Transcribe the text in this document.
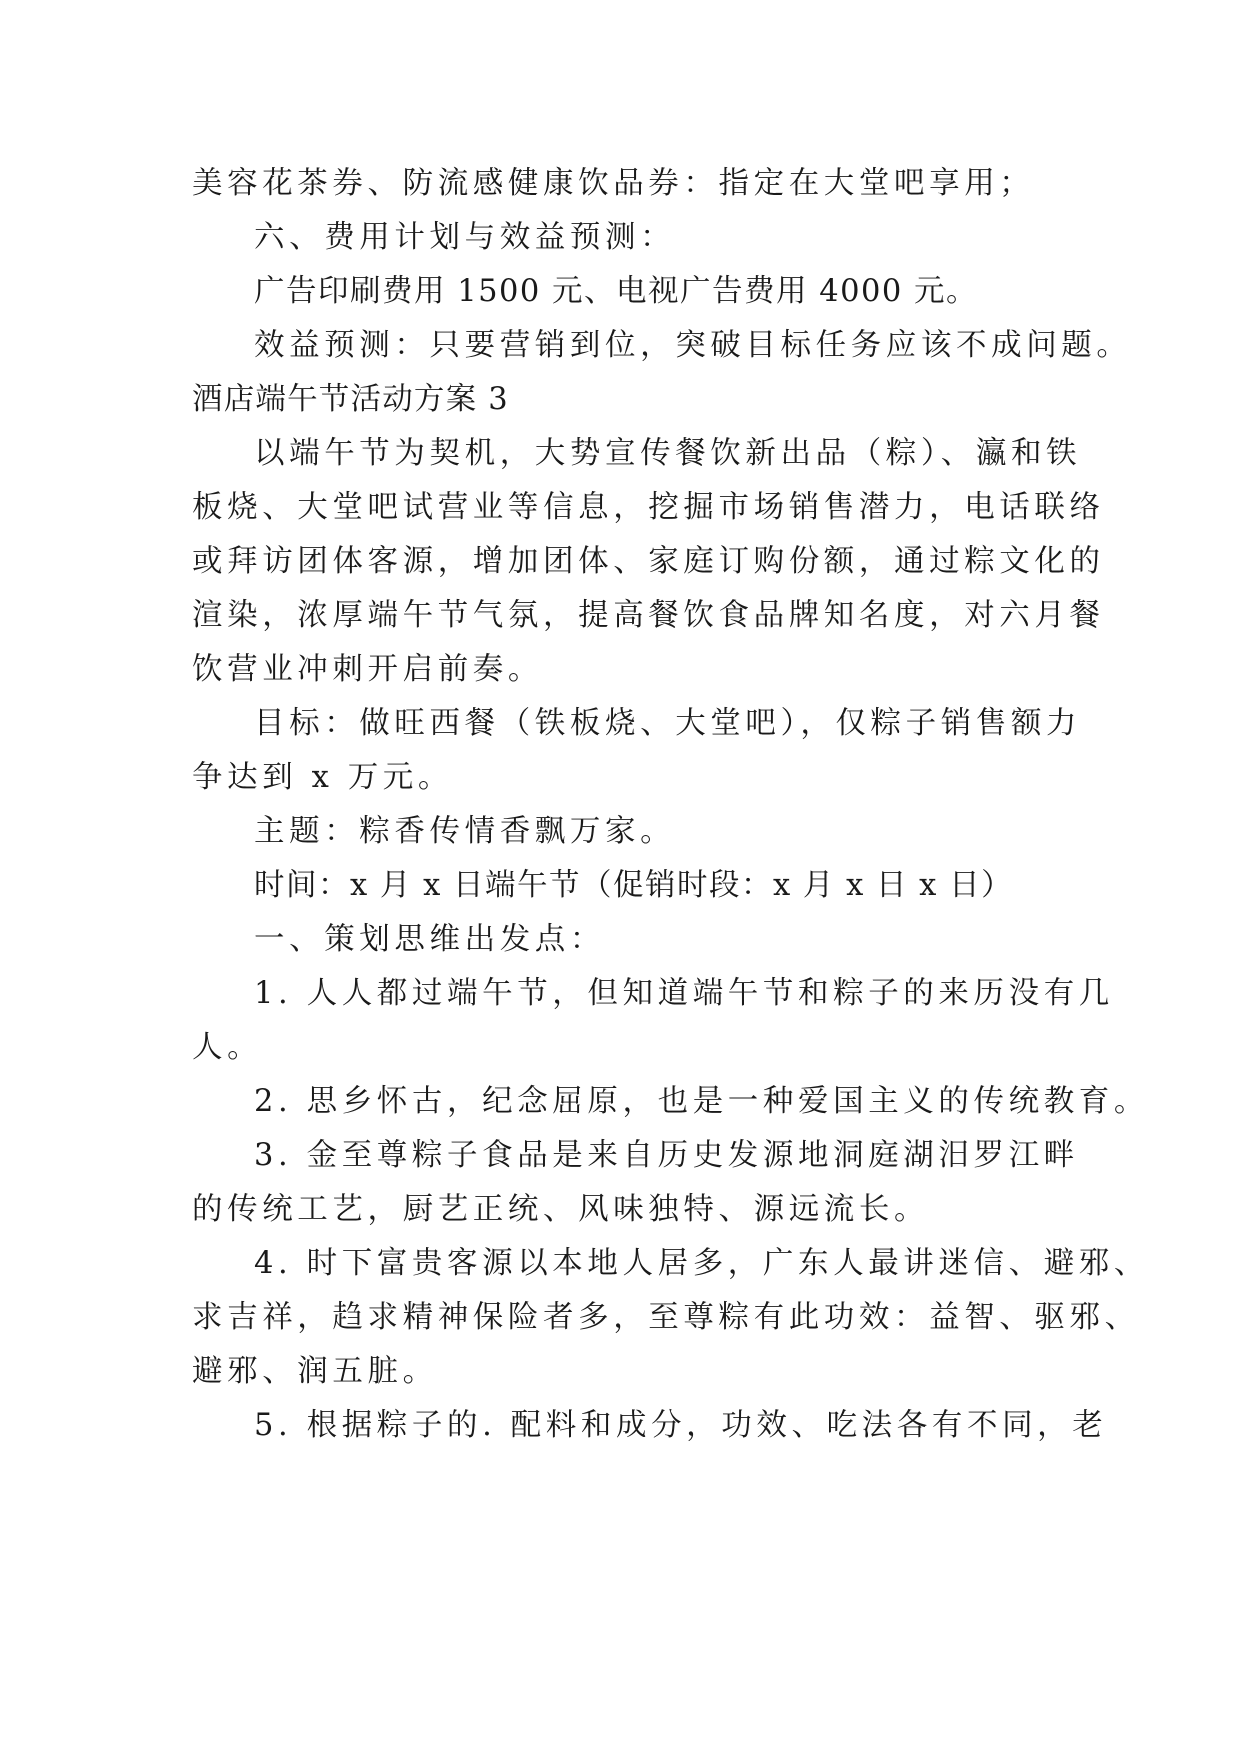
美容花茶券、防流感健康饮品券：指定在大堂吧享用；
六、费用计划与效益预测：
广告印刷费用 1500 元、电视广告费用 4000 元。
效益预测：只要营销到位，突破目标任务应该不成问题。
酒店端午节活动方案 3
以端午节为契机，大势宣传餐饮新出品（粽）、瀛和铁
板烧、大堂吧试营业等信息，挖掘市场销售潜力，电话联络
或拜访团体客源，增加团体、家庭订购份额，通过粽文化的
渲染，浓厚端午节气氛，提高餐饮食品牌知名度，对六月餐
饮营业冲刺开启前奏。
目标：做旺西餐（铁板烧、大堂吧），仅粽子销售额力
争达到 x 万元。
主题：粽香传情香飘万家。
时间：x 月 x 日端午节（促销时段：x 月 x 日 x 日）
一、策划思维出发点：
1. 人人都过端午节，但知道端午节和粽子的来历没有几
人。
2. 思乡怀古，纪念屈原，也是一种爱国主义的传统教育。
3. 金至尊粽子食品是来自历史发源地洞庭湖汨罗江畔
的传统工艺，厨艺正统、风味独特、源远流长。
4. 时下富贵客源以本地人居多，广东人最讲迷信、避邪、
求吉祥，趋求精神保险者多，至尊粽有此功效：益智、驱邪、
避邪、润五脏。
5. 根据粽子的. 配料和成分，功效、吃法各有不同，老
